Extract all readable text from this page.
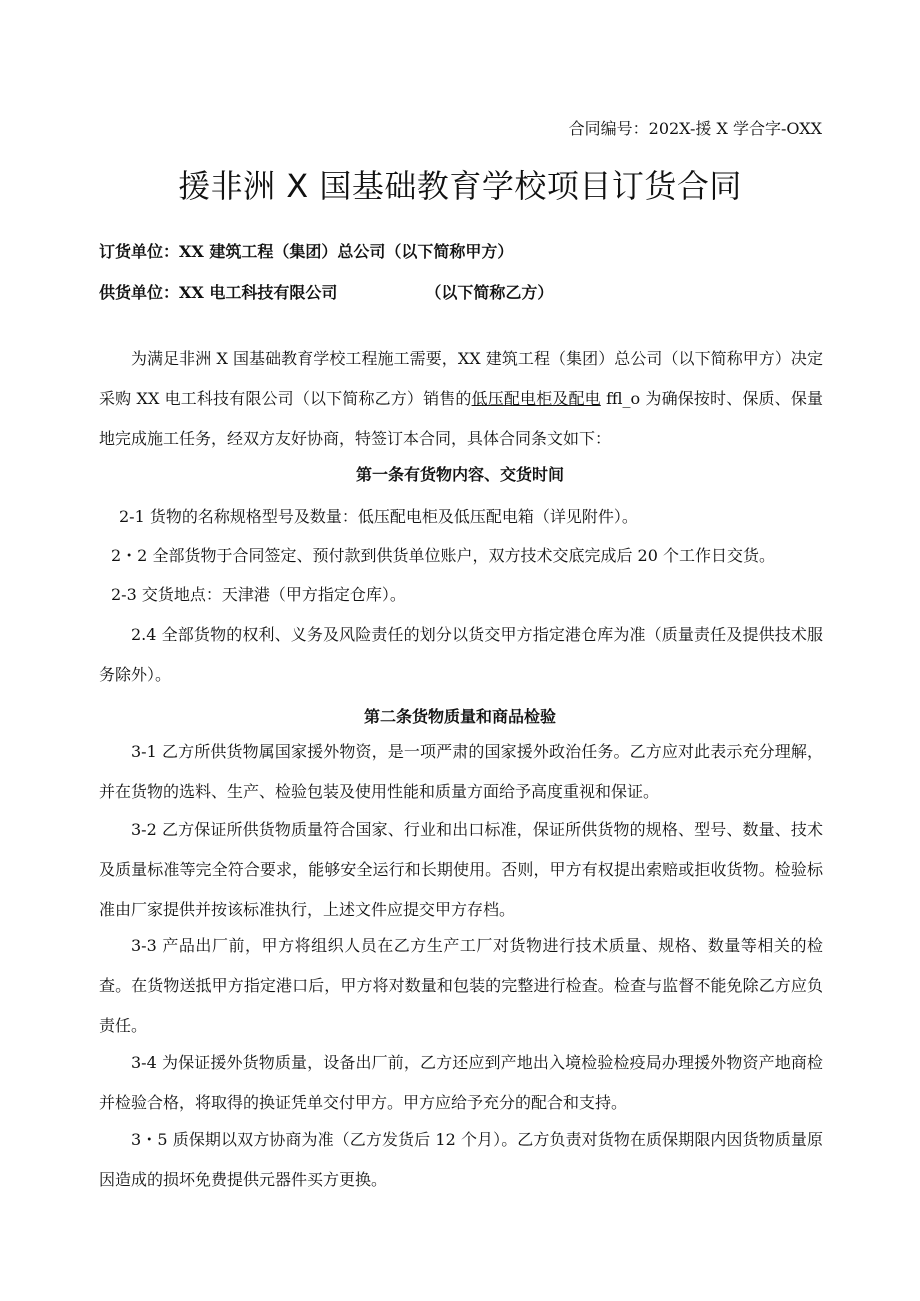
合同编号：202X-援 X 学合字-OXX
援非洲 X 国基础教育学校项目订货合同
订货单位：XX 建筑工程（集团）总公司（以下简称甲方）
供货单位：XX 电工科技有限公司	（以下简称乙方）

为满足非洲 X 国基础教育学校工程施工需要，XX 建筑工程（集团）总公司（以下简称甲方）决定采购 XX 电工科技有限公司（以下简称乙方）销售的低压配电柜及配电 ffl_o 为确保按时、保质、保量地完成施工任务，经双方友好协商，特签订本合同，具体合同条文如下：

第一条有货物内容、交货时间

2-1 货物的名称规格型号及数量：低压配电柜及低压配电箱（详见附件）。

2・2 全部货物于合同签定、预付款到供货单位账户，双方技术交底完成后 20 个工作日交货。

2-3 交货地点：天津港（甲方指定仓库）。

2.4 全部货物的权利、义务及风险责任的划分以货交甲方指定港仓库为准（质量责任及提供技术服务除外）。

第二条货物质量和商品检验

3-1 乙方所供货物属国家援外物资，是一项严肃的国家援外政治任务。乙方应对此表示充分理解，并在货物的选料、生产、检验包装及使用性能和质量方面给予高度重视和保证。

3-2 乙方保证所供货物质量符合国家、行业和出口标准，保证所供货物的规格、型号、数量、技术及质量标准等完全符合要求，能够安全运行和长期使用。否则，甲方有权提出索赔或拒收货物。检验标准由厂家提供并按该标准执行，上述文件应提交甲方存档。

3-3 产品出厂前，甲方将组织人员在乙方生产工厂对货物进行技术质量、规格、数量等相关的检查。在货物送抵甲方指定港口后，甲方将对数量和包装的完整进行检查。检查与监督不能免除乙方应负责任。

3-4 为保证援外货物质量，设备出厂前，乙方还应到产地出入境检验检疫局办理援外物资产地商检并检验合格，将取得的换证凭单交付甲方。甲方应给予充分的配合和支持。

3・5 质保期以双方协商为准（乙方发货后 12 个月）。乙方负责对货物在质保期限内因货物质量原因造成的损坏免费提供元器件买方更换。
